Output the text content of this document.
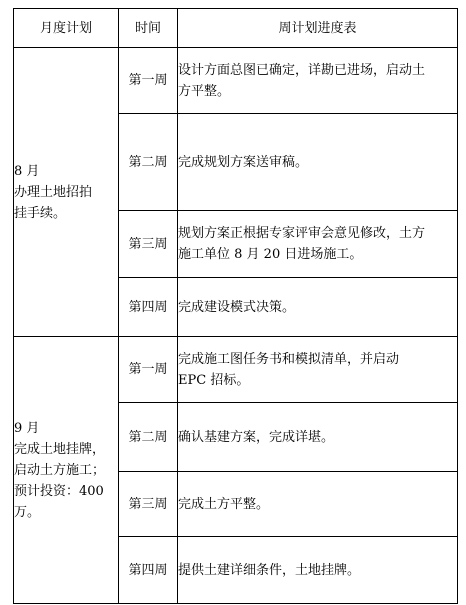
月度计划	时间	周计划进度表

8 月
办理土地招拍
挂手续。	第一周	设计方面总图已确定，详勘已进场，启动土
方平整。

	第二周	完成规划方案送审稿。

	第三周	规划方案正根据专家评审会意见修改，土方
施工单位 8 月 20 日进场施工。

	第四周	完成建设模式决策。

9 月
完成土地挂牌，
启动土方施工；
预计投资：400
万。	第一周	完成施工图任务书和模拟清单，并启动
EPC 招标。

	第二周	确认基建方案，完成详堪。

	第三周	完成土方平整。

	第四周	提供土建详细条件，土地挂牌。
